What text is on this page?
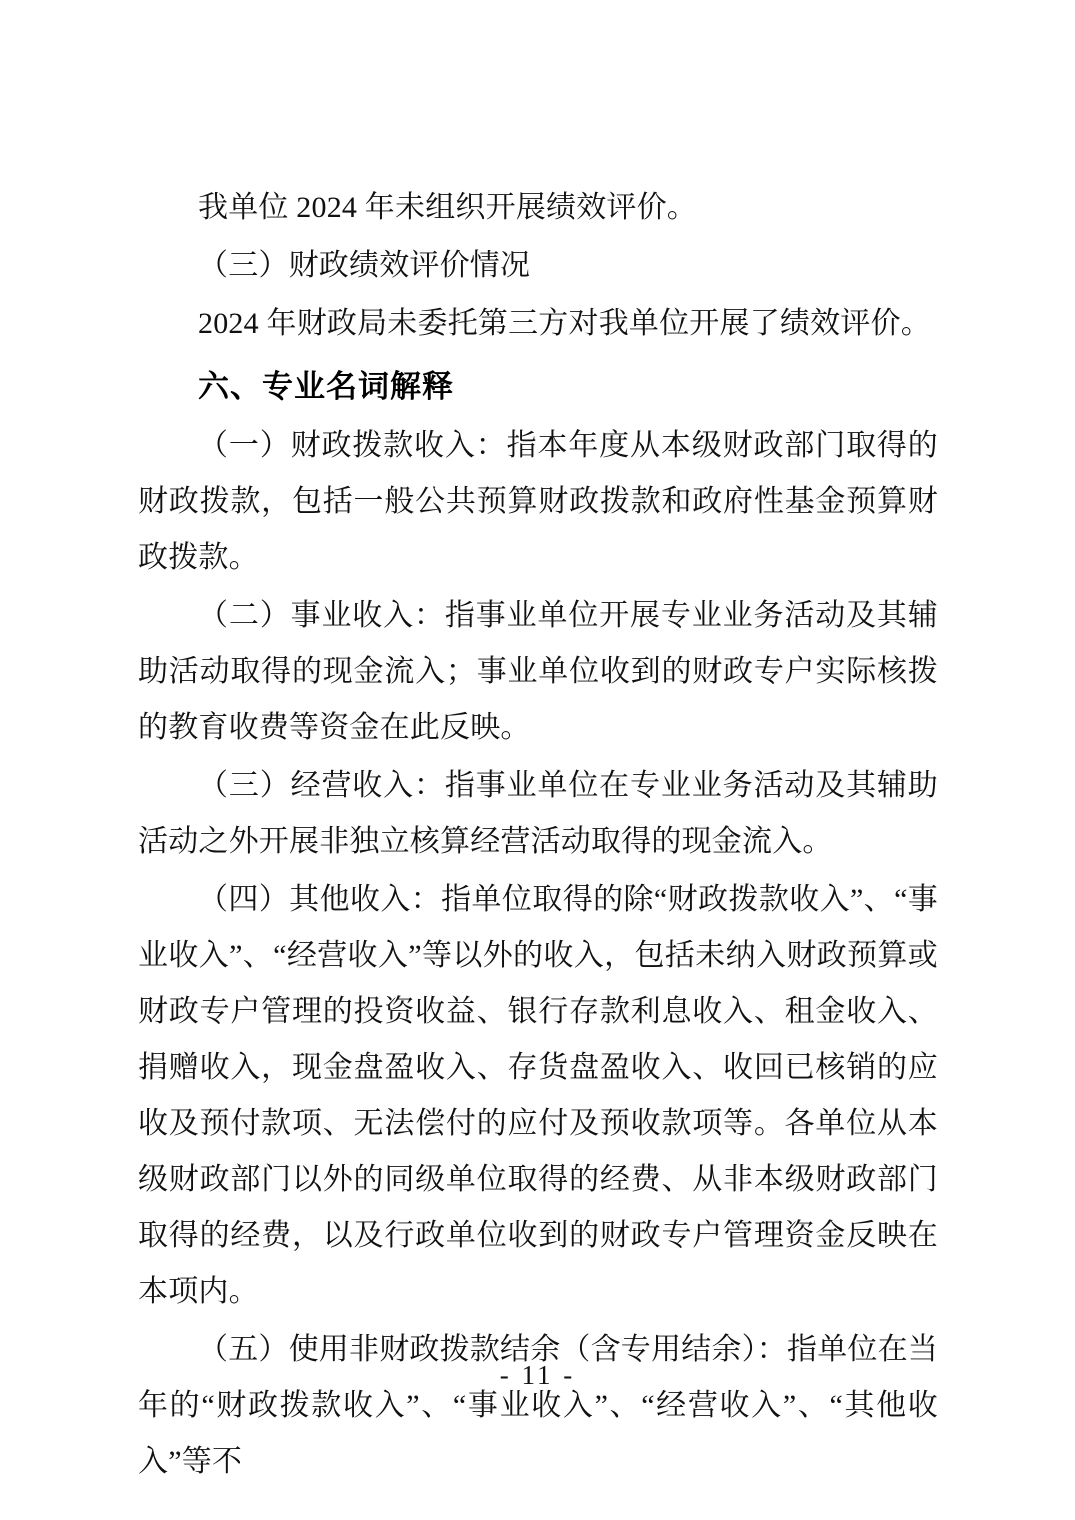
我单位 2024 年未组织开展绩效评价。

（三）财政绩效评价情况

2024 年财政局未委托第三方对我单位开展了绩效评价。

六、专业名词解释

（一）财政拨款收入：指本年度从本级财政部门取得的财政拨款，包括一般公共预算财政拨款和政府性基金预算财政拨款。

（二）事业收入：指事业单位开展专业业务活动及其辅助活动取得的现金流入；事业单位收到的财政专户实际核拨的教育收费等资金在此反映。

（三）经营收入：指事业单位在专业业务活动及其辅助活动之外开展非独立核算经营活动取得的现金流入。

（四）其他收入：指单位取得的除“财政拨款收入”、“事业收入”、“经营收入”等以外的收入，包括未纳入财政预算或财政专户管理的投资收益、银行存款利息收入、租金收入、捐赠收入，现金盘盈收入、存货盘盈收入、收回已核销的应收及预付款项、无法偿付的应付及预收款项等。各单位从本级财政部门以外的同级单位取得的经费、从非本级财政部门取得的经费，以及行政单位收到的财政专户管理资金反映在本项内。

（五）使用非财政拨款结余（含专用结余）：指单位在当年的“财政拨款收入”、“事业收入”、“经营收入”、“其他收入”等不

- 11 -
